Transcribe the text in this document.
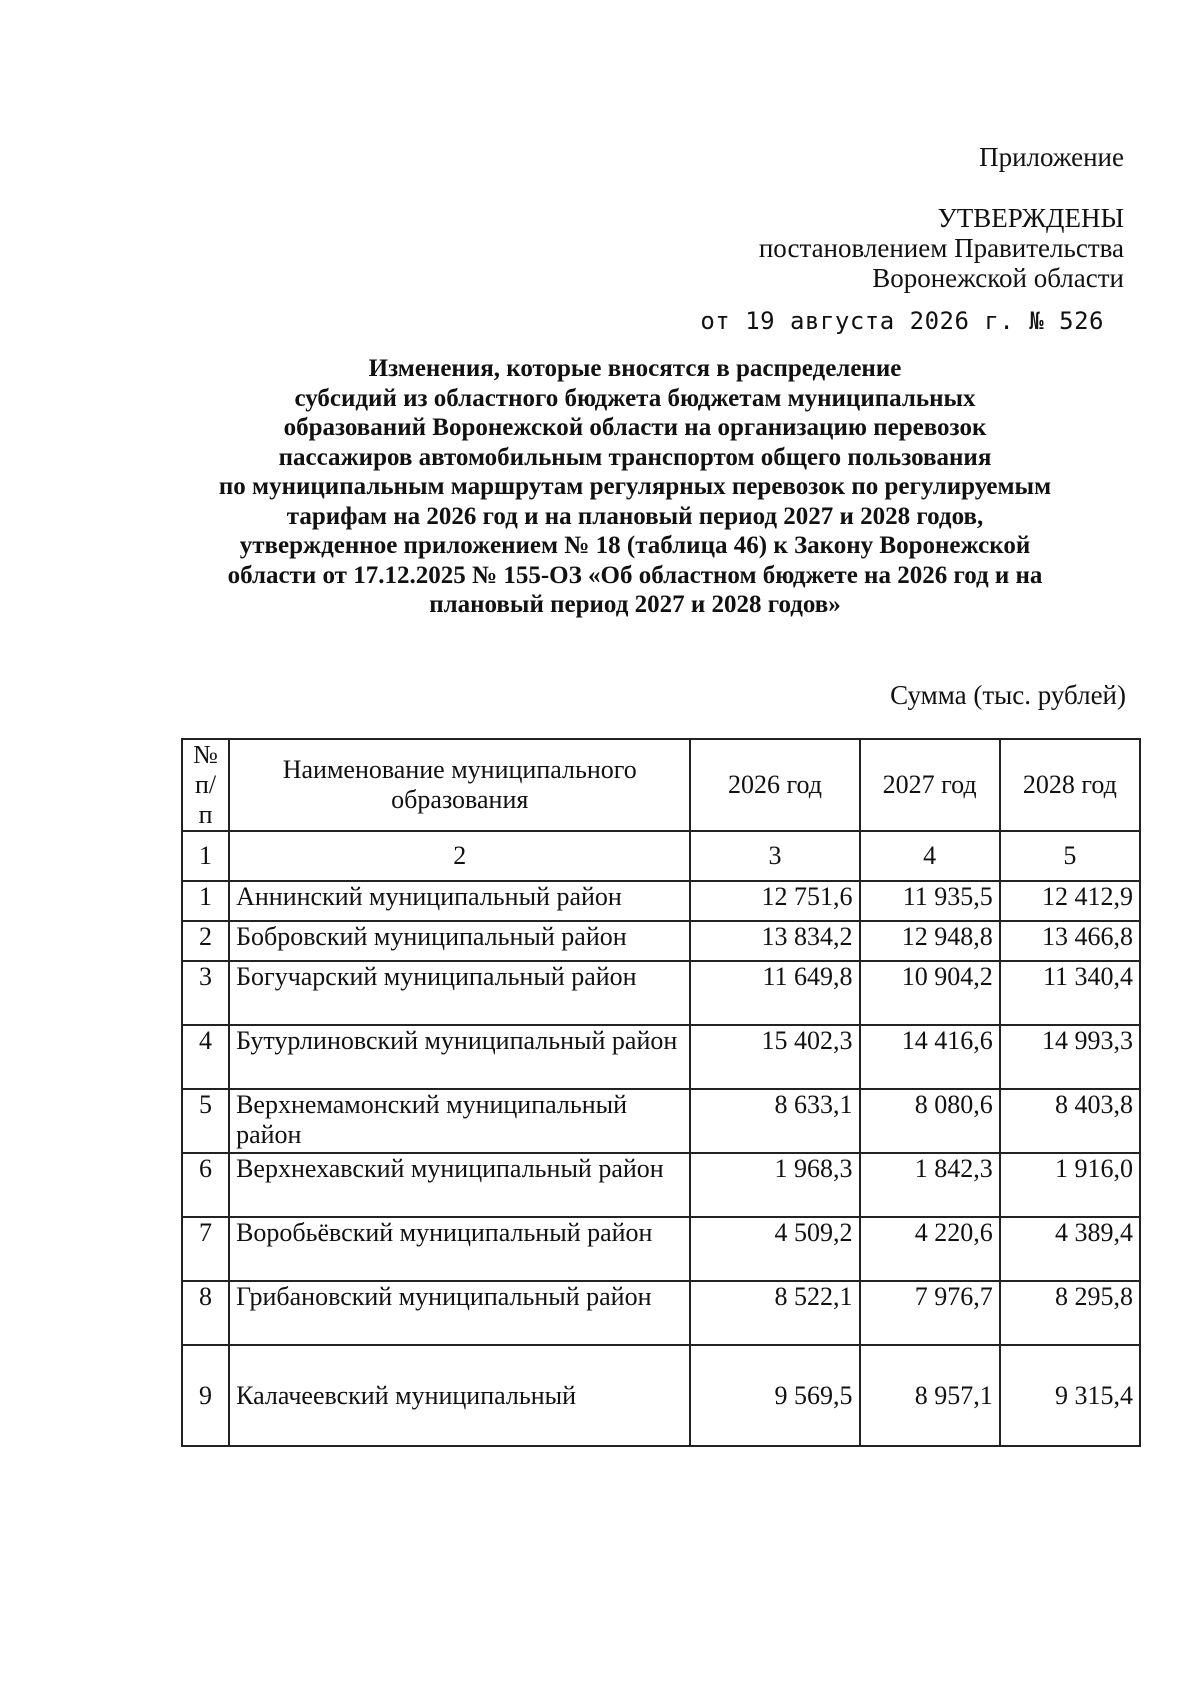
Приложение
УТВЕРЖДЕНЫ
постановлением Правительства
Воронежской области
от 19 августа 2026 г. № 526
Изменения, которые вносятся в распределение
субсидий из областного бюджета бюджетам муниципальных
образований Воронежской области на организацию перевозок
пассажиров автомобильным транспортом общего пользования
по муниципальным маршрутам регулярных перевозок по регулируемым
тарифам на 2026 год и на плановый период 2027 и 2028 годов,
утвержденное приложением № 18 (таблица 46) к Закону Воронежской
области от 17.12.2025 № 155-ОЗ «Об областном бюджете на 2026 год и на
плановый период 2027 и 2028 годов»
Сумма (тыс. рублей)
№ п/п	Наименование муниципального образования	2026 год	2027 год	2028 год
1	2	3	4	5
1	Аннинский муниципальный район	12 751,6	11 935,5	12 412,9
2	Бобровский муниципальный район	13 834,2	12 948,8	13 466,8
3	Богучарский муниципальный район	11 649,8	10 904,2	11 340,4
4	Бутурлиновский муниципальный район	15 402,3	14 416,6	14 993,3
5	Верхнемамонский муниципальный район	8 633,1	8 080,6	8 403,8
6	Верхнехавский муниципальный район	1 968,3	1 842,3	1 916,0
7	Воробьёвский муниципальный район	4 509,2	4 220,6	4 389,4
8	Грибановский муниципальный район	8 522,1	7 976,7	8 295,8
9	Калачеевский муниципальный	9 569,5	8 957,1	9 315,4
